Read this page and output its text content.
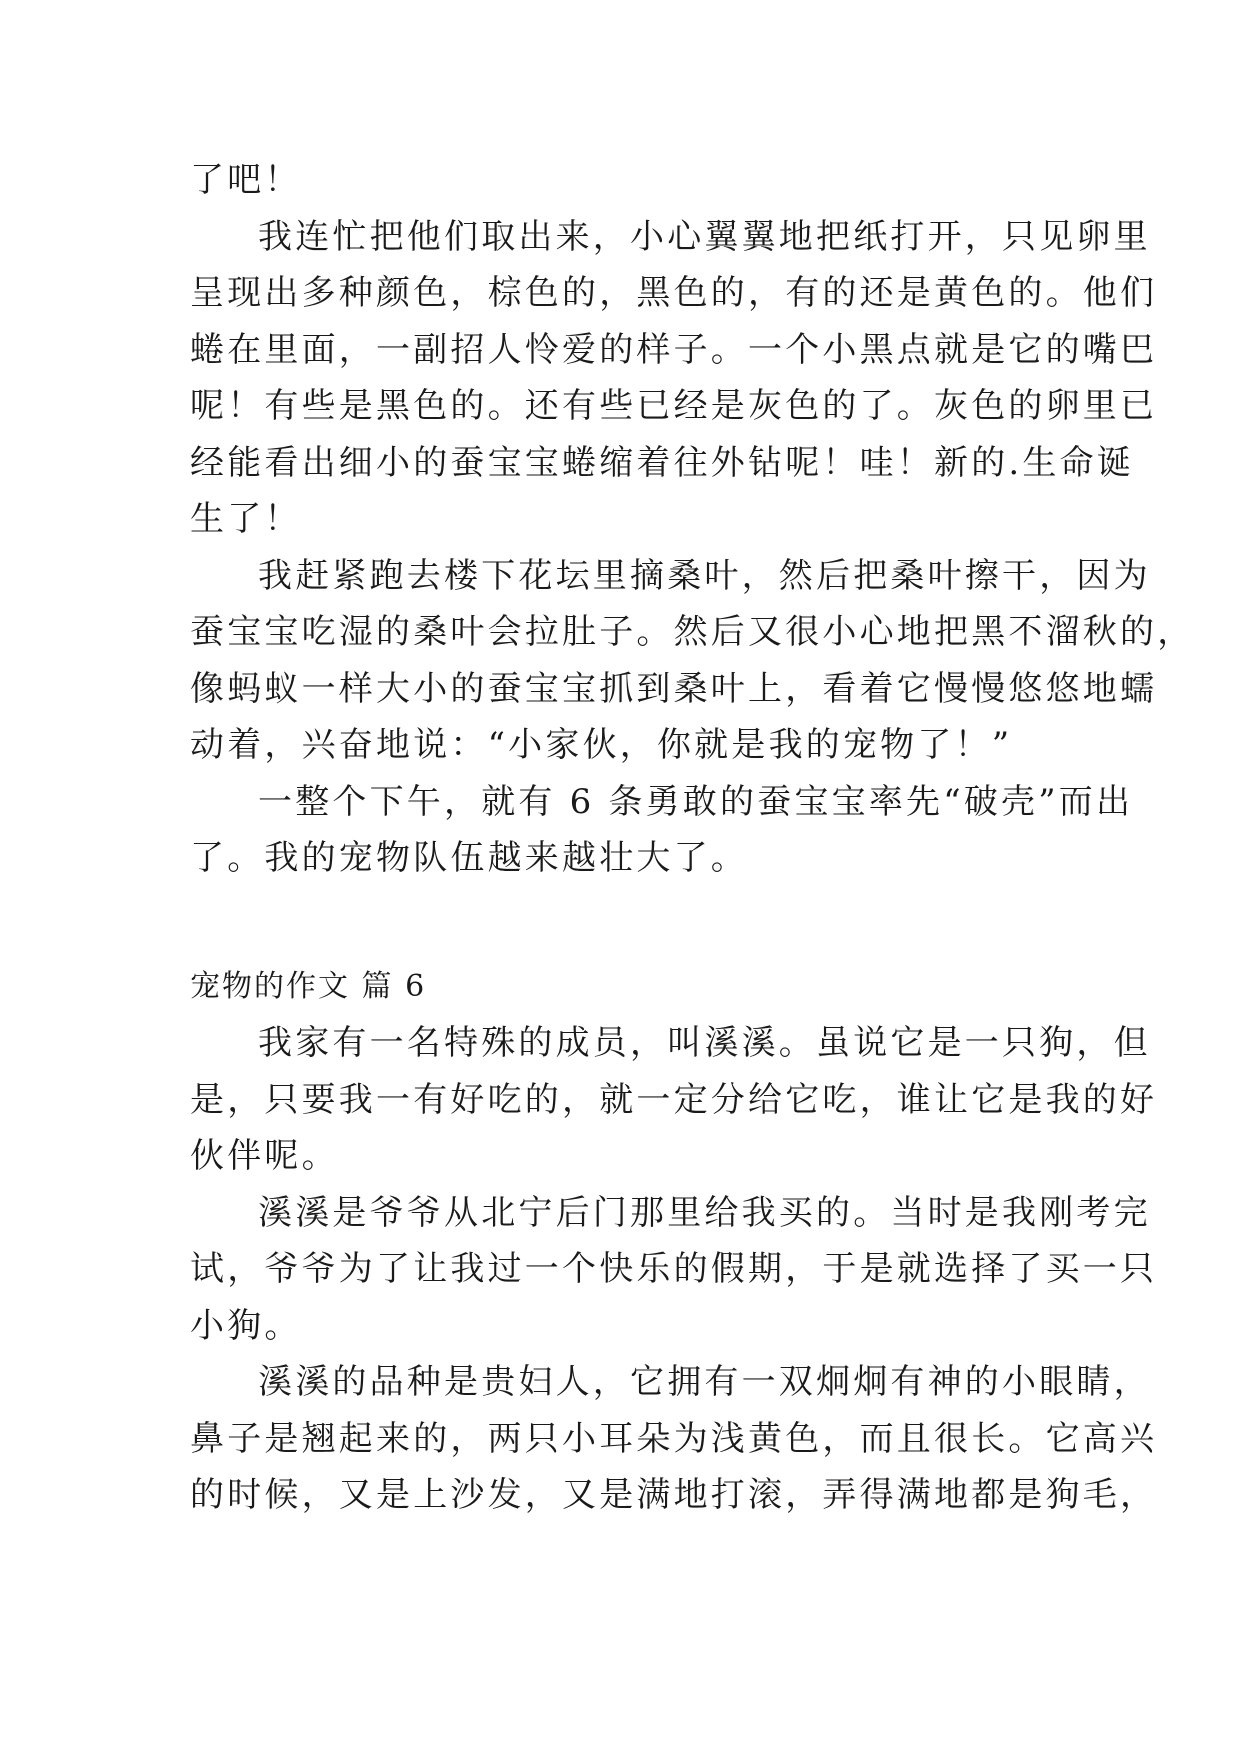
了吧！
我连忙把他们取出来，小心翼翼地把纸打开，只见卵里
呈现出多种颜色，棕色的，黑色的，有的还是黄色的。他们
蜷在里面，一副招人怜爱的样子。一个小黑点就是它的嘴巴
呢！有些是黑色的。还有些已经是灰色的了。灰色的卵里已
经能看出细小的蚕宝宝蜷缩着往外钻呢！哇！新的.生命诞
生了！
我赶紧跑去楼下花坛里摘桑叶，然后把桑叶擦干，因为
蚕宝宝吃湿的桑叶会拉肚子。然后又很小心地把黑不溜秋的，
像蚂蚁一样大小的蚕宝宝抓到桑叶上，看着它慢慢悠悠地蠕
动着，兴奋地说：“小家伙，你就是我的宠物了！”
一整个下午，就有 6 条勇敢的蚕宝宝率先“破壳”而出
了。我的宠物队伍越来越壮大了。
宠物的作文 篇 6
我家有一名特殊的成员，叫溪溪。虽说它是一只狗，但
是，只要我一有好吃的，就一定分给它吃，谁让它是我的好
伙伴呢。
溪溪是爷爷从北宁后门那里给我买的。当时是我刚考完
试，爷爷为了让我过一个快乐的假期，于是就选择了买一只
小狗。
溪溪的品种是贵妇人，它拥有一双炯炯有神的小眼睛，
鼻子是翘起来的，两只小耳朵为浅黄色，而且很长。它高兴
的时候，又是上沙发，又是满地打滚，弄得满地都是狗毛，
